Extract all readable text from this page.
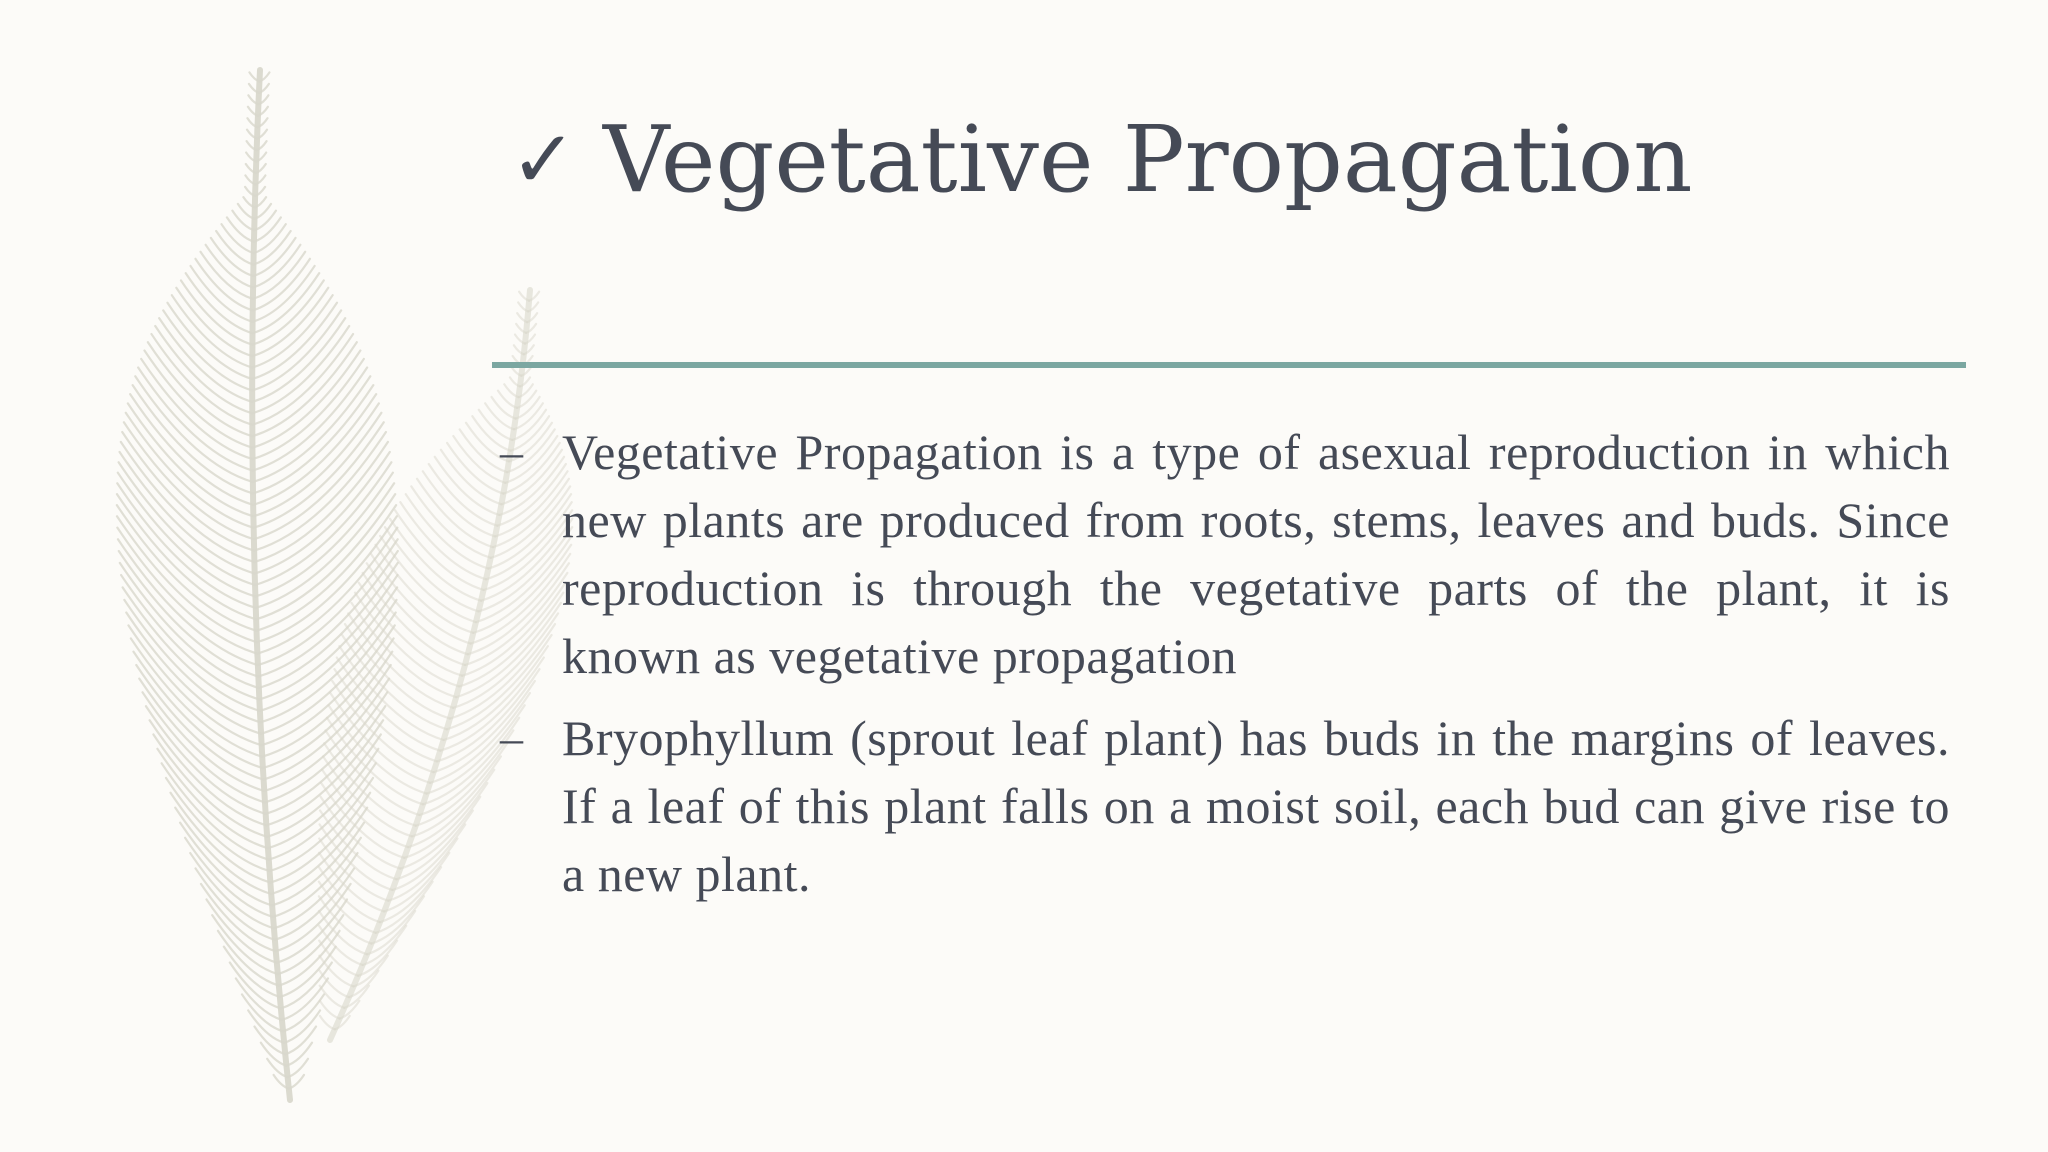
✓ Vegetative Propagation
– Vegetative Propagation is a type of asexual reproduction in which new plants are produced from roots, stems, leaves and buds. Since reproduction is through the vegetative parts of the plant, it is known as vegetative propagation
– Bryophyllum (sprout leaf plant) has buds in the margins of leaves. If a leaf of this plant falls on a moist soil, each bud can give rise to a new plant.
